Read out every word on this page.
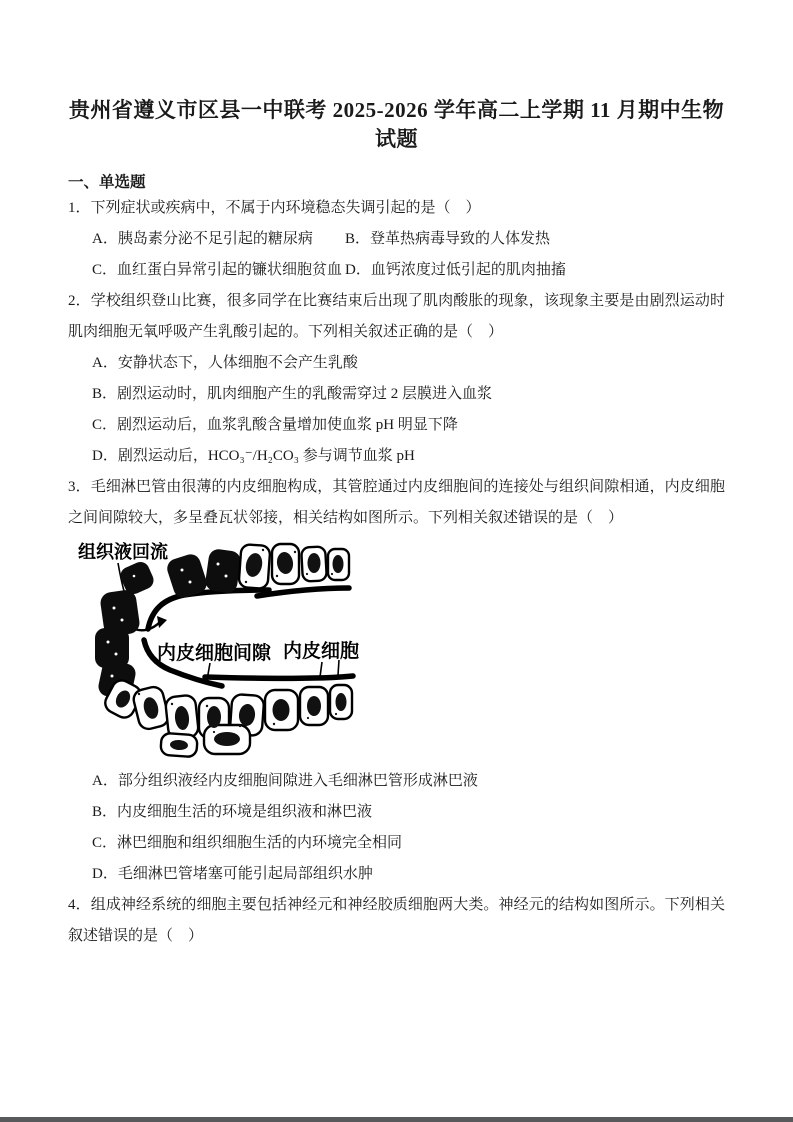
贵州省遵义市区县一中联考 2025-2026 学年高二上学期 11 月期中生物试题
一、单选题

1．下列症状或疾病中，不属于内环境稳态失调引起的是（　）

A．胰岛素分泌不足引起的糖尿病 B．登革热病毒导致的人体发热

C．血红蛋白异常引起的镰状细胞贫血 D．血钙浓度过低引起的肌肉抽搐

2．学校组织登山比赛，很多同学在比赛结束后出现了肌肉酸胀的现象，该现象主要是由剧烈运动时肌肉细胞无氧呼吸产生乳酸引起的。下列相关叙述正确的是（　）

A．安静状态下，人体细胞不会产生乳酸

B．剧烈运动时，肌肉细胞产生的乳酸需穿过 2 层膜进入血浆

C．剧烈运动后，血浆乳酸含量增加使血浆 pH 明显下降

D．剧烈运动后，HCO₃⁻/H₂CO₃ 参与调节血浆 pH

3．毛细淋巴管由很薄的内皮细胞构成，其管腔通过内皮细胞间的连接处与组织间隙相通，内皮细胞之间间隙较大，多呈叠瓦状邻接，相关结构如图所示。下列相关叙述错误的是（　）

组织液回流
内皮细胞间隙 内皮细胞

A．部分组织液经内皮细胞间隙进入毛细淋巴管形成淋巴液

B．内皮细胞生活的环境是组织液和淋巴液

C．淋巴细胞和组织细胞生活的内环境完全相同

D．毛细淋巴管堵塞可能引起局部组织水肿

4．组成神经系统的细胞主要包括神经元和神经胶质细胞两大类。神经元的结构如图所示。下列相关叙述错误的是（　）
